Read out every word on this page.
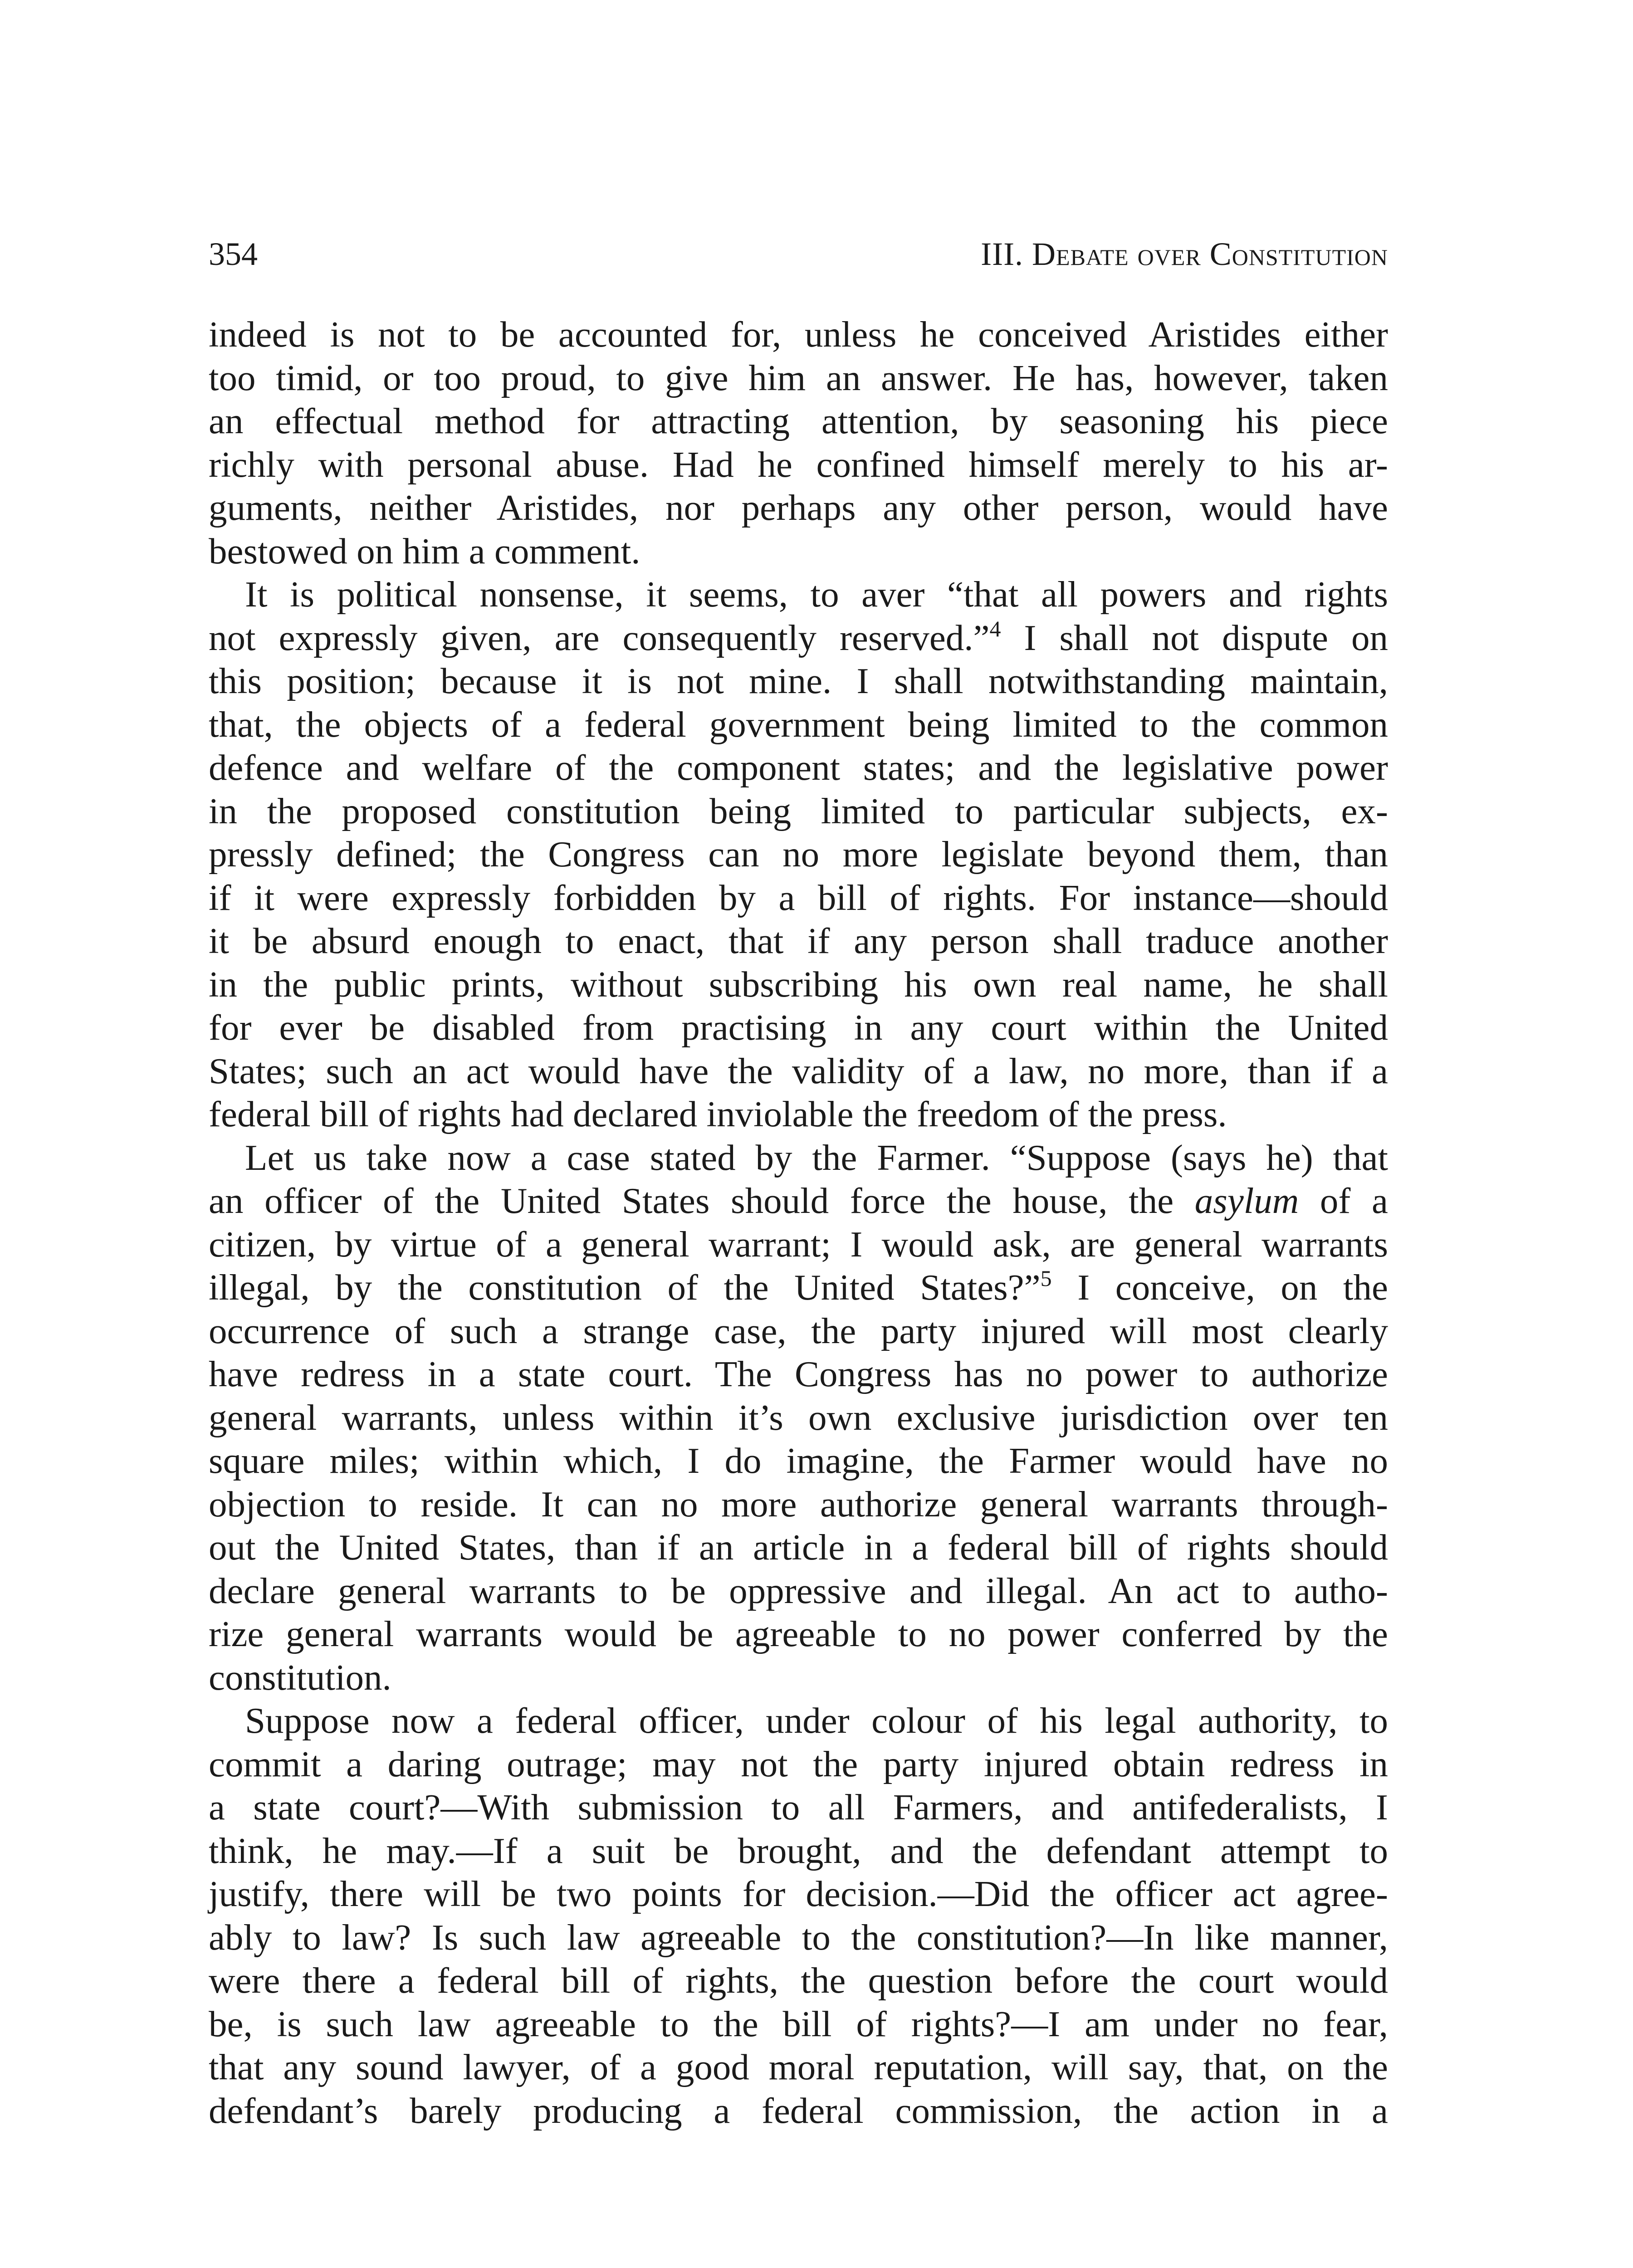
354	III. Debate over Constitution
indeed is not to be accounted for, unless he conceived Aristides either
too timid, or too proud, to give him an answer. He has, however, taken
an effectual method for attracting attention, by seasoning his piece
richly with personal abuse. Had he confined himself merely to his ar-
guments, neither Aristides, nor perhaps any other person, would have
bestowed on him a comment.
It is political nonsense, it seems, to aver “that all powers and rights
not expressly given, are consequently reserved.”$^4$ I shall not dispute on
this position; because it is not mine. I shall notwithstanding maintain,
that, the objects of a federal government being limited to the common
defence and welfare of the component states; and the legislative power
in the proposed constitution being limited to particular subjects, ex-
pressly defined; the Congress can no more legislate beyond them, than
if it were expressly forbidden by a bill of rights. For instance—should
it be absurd enough to enact, that if any person shall traduce another
in the public prints, without subscribing his own real name, he shall
for ever be disabled from practising in any court within the United
States; such an act would have the validity of a law, no more, than if a
federal bill of rights had declared inviolable the freedom of the press.
Let us take now a case stated by the Farmer. “Suppose (says he) that
an officer of the United States should force the house, the asylum of a
citizen, by virtue of a general warrant; I would ask, are general warrants
illegal, by the constitution of the United States?”$^5$ I conceive, on the
occurrence of such a strange case, the party injured will most clearly
have redress in a state court. The Congress has no power to authorize
general warrants, unless within it’s own exclusive jurisdiction over ten
square miles; within which, I do imagine, the Farmer would have no
objection to reside. It can no more authorize general warrants through-
out the United States, than if an article in a federal bill of rights should
declare general warrants to be oppressive and illegal. An act to autho-
rize general warrants would be agreeable to no power conferred by the
constitution.
Suppose now a federal officer, under colour of his legal authority, to
commit a daring outrage; may not the party injured obtain redress in
a state court?—With submission to all Farmers, and antifederalists, I
think, he may.—If a suit be brought, and the defendant attempt to
justify, there will be two points for decision.—Did the officer act agree-
ably to law? Is such law agreeable to the constitution?—In like manner,
were there a federal bill of rights, the question before the court would
be, is such law agreeable to the bill of rights?—I am under no fear,
that any sound lawyer, of a good moral reputation, will say, that, on the
defendant’s barely producing a federal commission, the action in a
